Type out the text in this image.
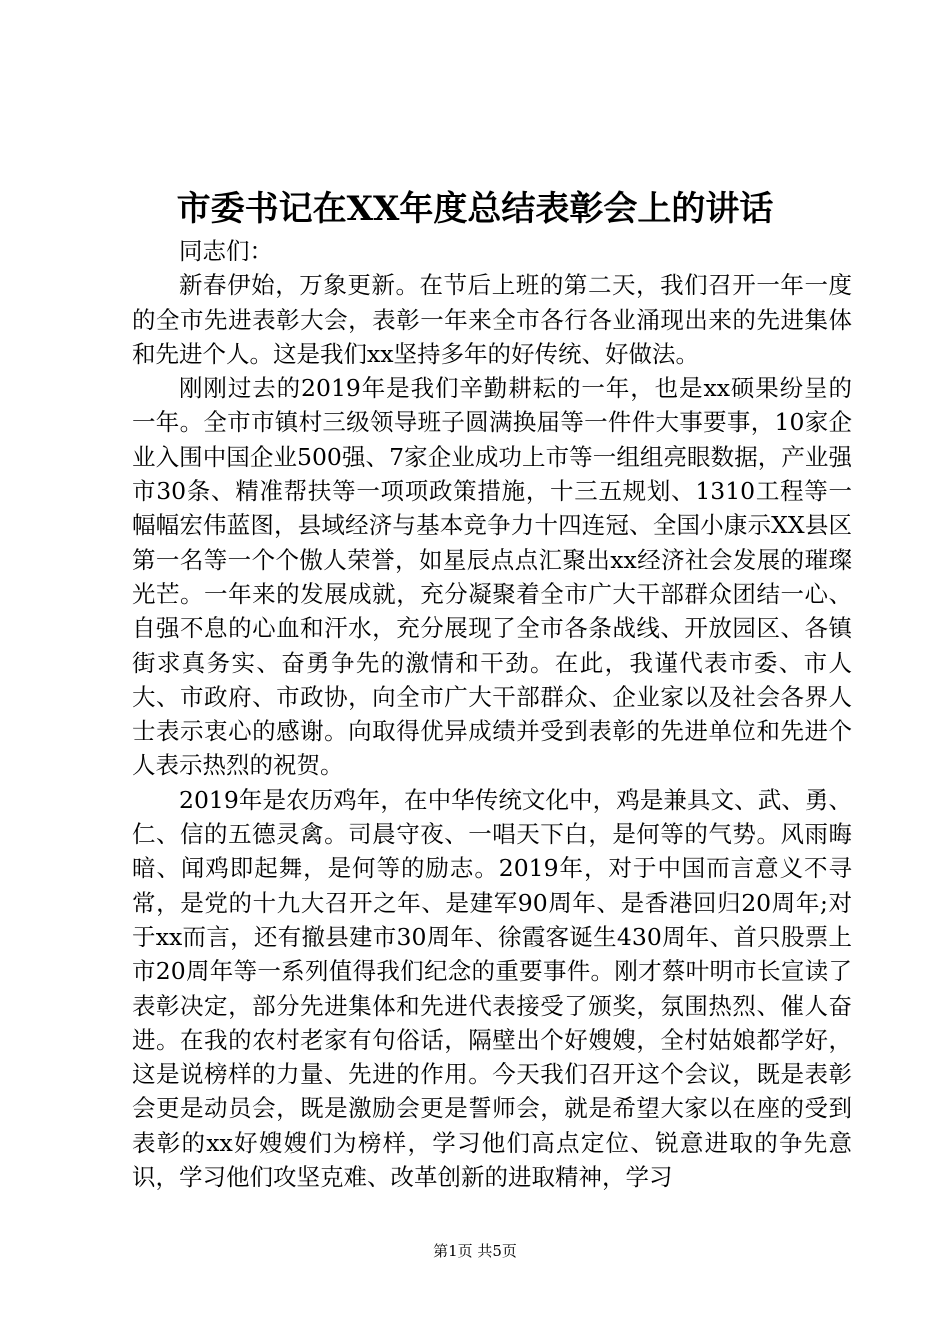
市委书记在XX年度总结表彰会上的讲话

同志们：

新春伊始，万象更新。在节后上班的第二天，我们召开一年一度的全市先进表彰大会，表彰一年来全市各行各业涌现出来的先进集体和先进个人。这是我们xx坚持多年的好传统、好做法。

刚刚过去的2019年是我们辛勤耕耘的一年，也是xx硕果纷呈的一年。全市市镇村三级领导班子圆满换届等一件件大事要事，10家企业入围中国企业500强、7家企业成功上市等一组组亮眼数据，产业强市30条、精准帮扶等一项项政策措施，十三五规划、1310工程等一幅幅宏伟蓝图，县域经济与基本竞争力十四连冠、全国小康示XX县区第一名等一个个傲人荣誉，如星辰点点汇聚出xx经济社会发展的璀璨光芒。一年来的发展成就，充分凝聚着全市广大干部群众团结一心、自强不息的心血和汗水，充分展现了全市各条战线、开放园区、各镇街求真务实、奋勇争先的激情和干劲。在此，我谨代表市委、市人大、市政府、市政协，向全市广大干部群众、企业家以及社会各界人士表示衷心的感谢。向取得优异成绩并受到表彰的先进单位和先进个人表示热烈的祝贺。

2019年是农历鸡年，在中华传统文化中，鸡是兼具文、武、勇、仁、信的五德灵禽。司晨守夜、一唱天下白，是何等的气势。风雨晦暗、闻鸡即起舞，是何等的励志。2019年，对于中国而言意义不寻常，是党的十九大召开之年、是建军90周年、是香港回归20周年;对于xx而言，还有撤县建市30周年、徐霞客诞生430周年、首只股票上市20周年等一系列值得我们纪念的重要事件。刚才蔡叶明市长宣读了表彰决定，部分先进集体和先进代表接受了颁奖，氛围热烈、催人奋进。在我的农村老家有句俗话，隔壁出个好嫂嫂，全村姑娘都学好，这是说榜样的力量、先进的作用。今天我们召开这个会议，既是表彰会更是动员会，既是激励会更是誓师会，就是希望大家以在座的受到表彰的xx好嫂嫂们为榜样，学习他们高点定位、锐意进取的争先意识，学习他们攻坚克难、改革创新的进取精神，学习

第1页 共5页
